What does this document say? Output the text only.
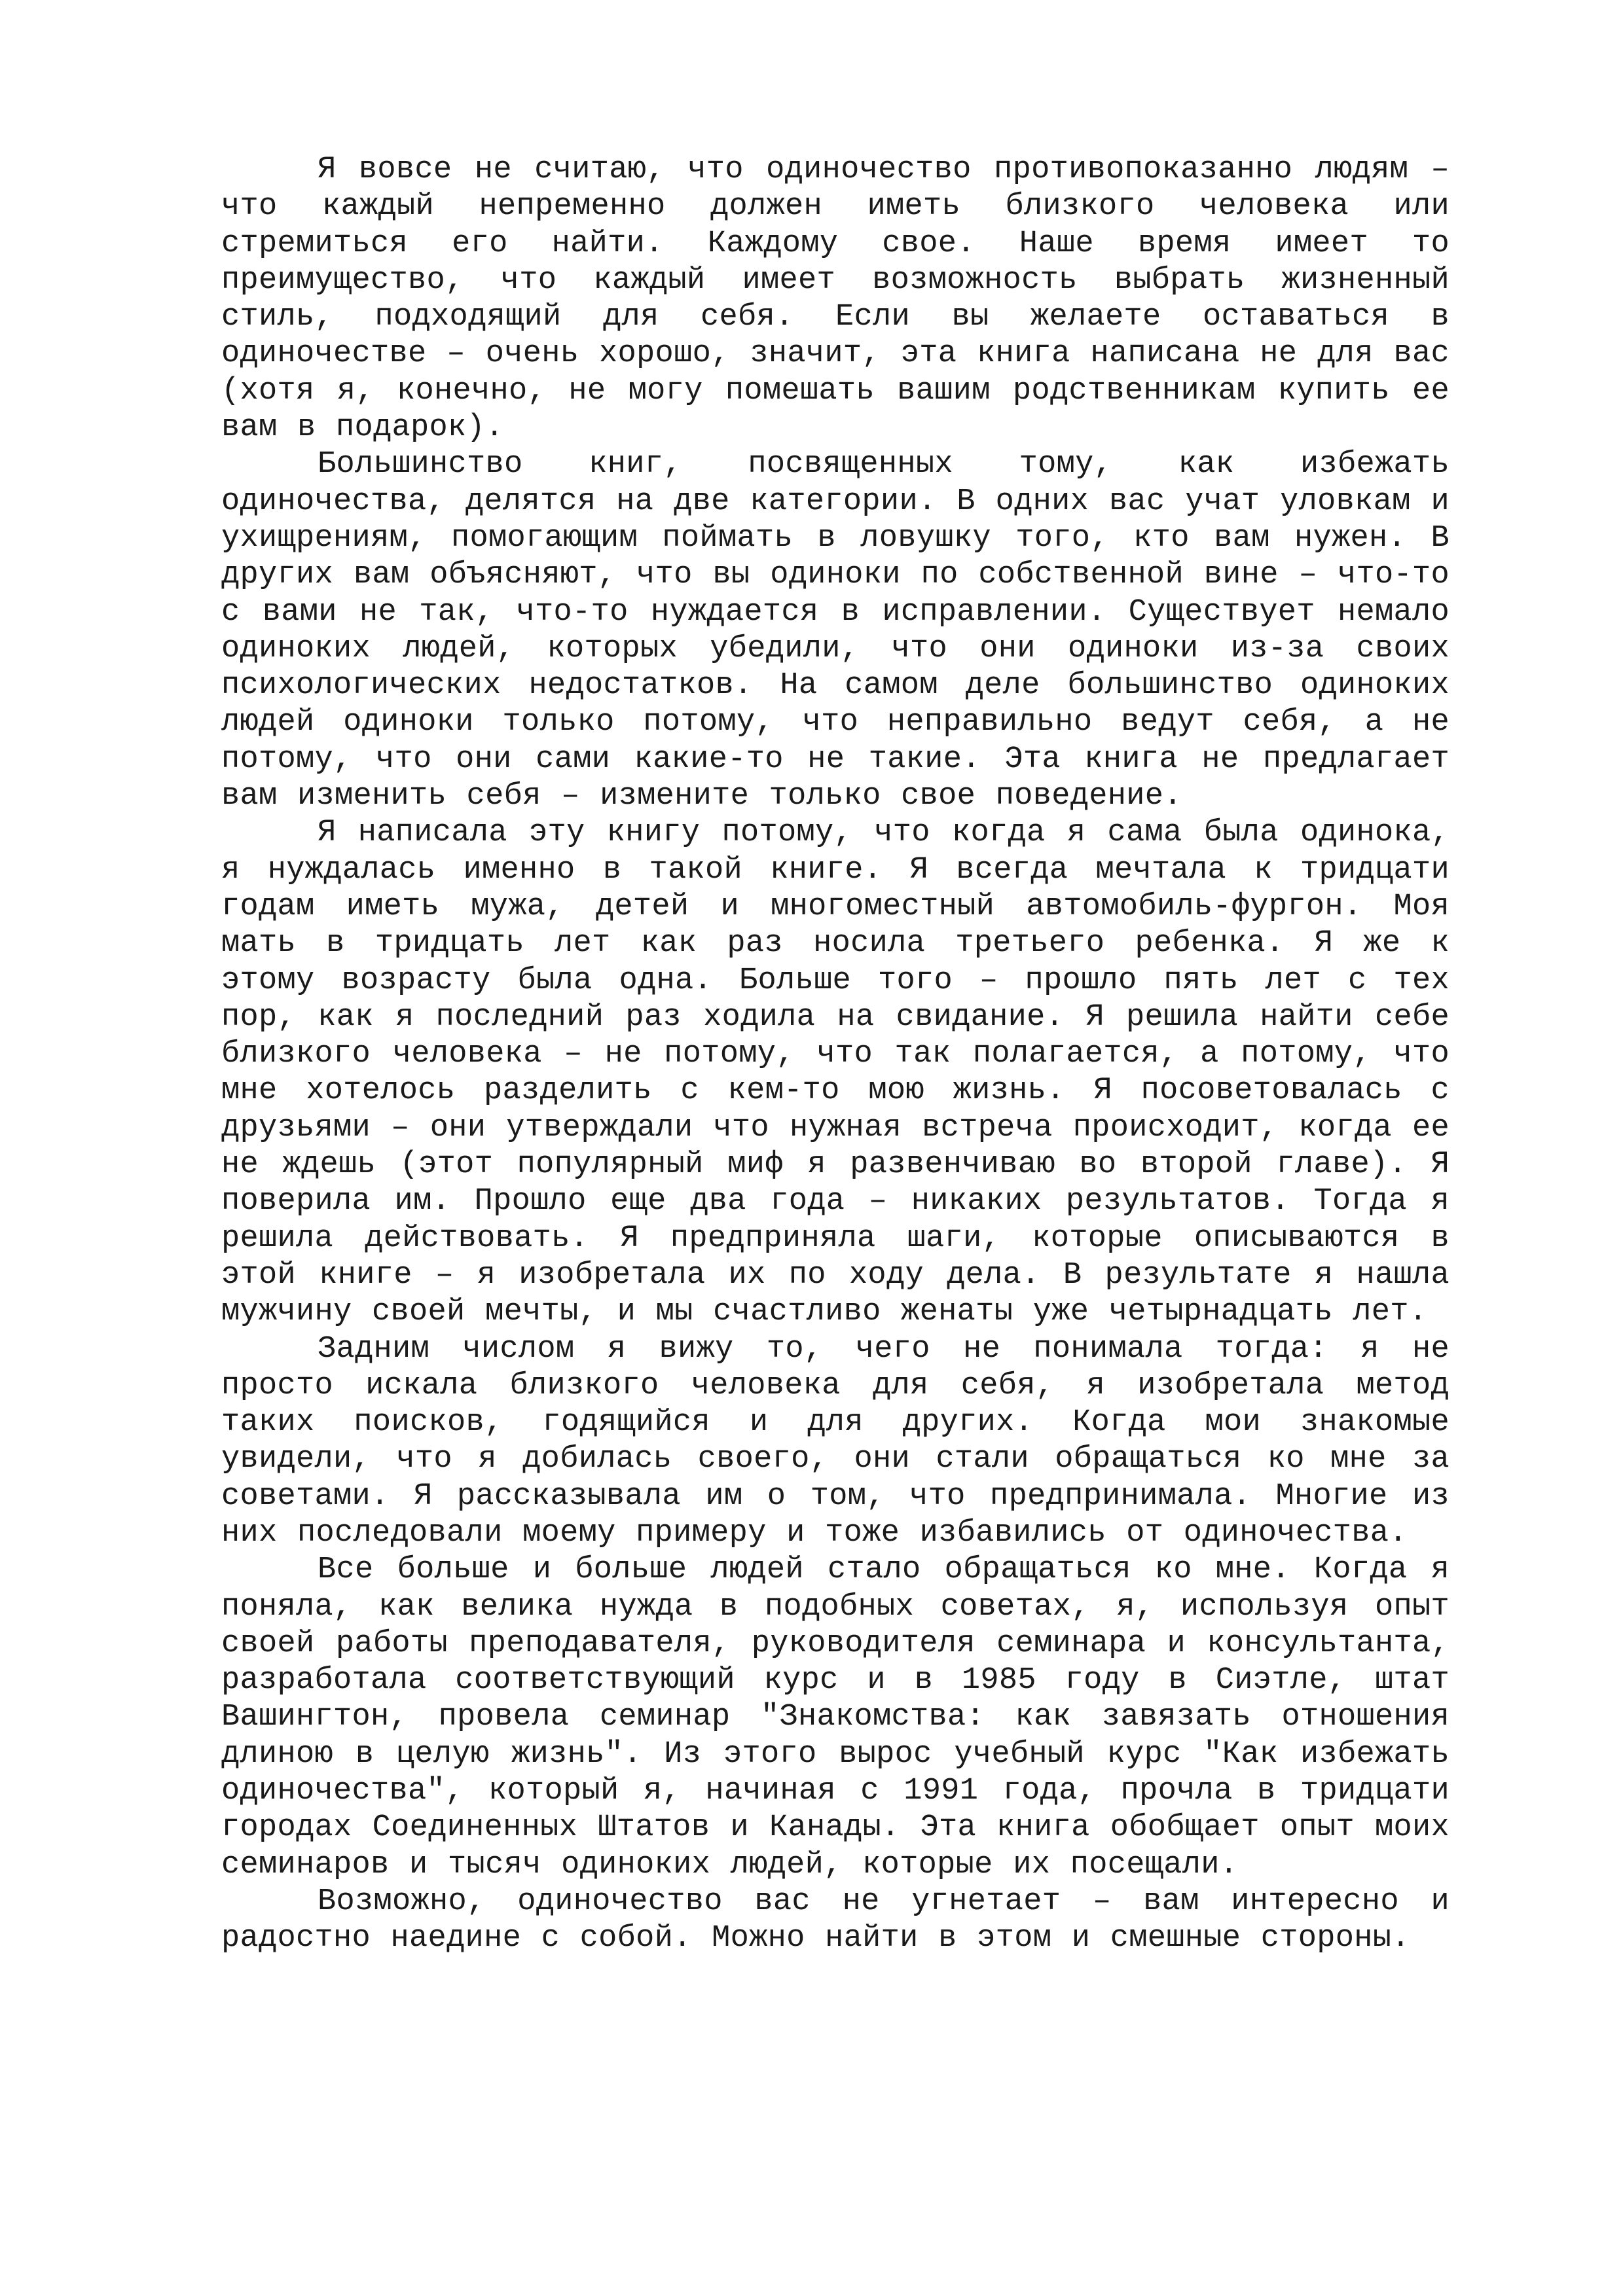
Я вовсе не считаю, что одиночество противопоказанно людям – что каждый непременно должен иметь близкого человека или стремиться его найти. Каждому свое. Наше время имеет то преимущество, что каждый имеет возможность выбрать жизненный стиль, подходящий для себя. Если вы желаете оставаться в одиночестве – очень хорошо, значит, эта книга написана не для вас (хотя я, конечно, не могу помешать вашим родственникам купить ее вам в подарок).

Большинство книг, посвященных тому, как избежать одиночества, делятся на две категории. В одних вас учат уловкам и ухищрениям, помогающим поймать в ловушку того, кто вам нужен. В других вам объясняют, что вы одиноки по собственной вине – что-то с вами не так, что-то нуждается в исправлении. Существует немало одиноких людей, которых убедили, что они одиноки из-за своих психологических недостатков. На самом деле большинство одиноких людей одиноки только потому, что неправильно ведут себя, а не потому, что они сами какие-то не такие. Эта книга не предлагает вам изменить себя – измените только свое поведение.

Я написала эту книгу потому, что когда я сама была одинока, я нуждалась именно в такой книге. Я всегда мечтала к тридцати годам иметь мужа, детей и многоместный автомобиль-фургон. Моя мать в тридцать лет как раз носила третьего ребенка. Я же к этому возрасту была одна. Больше того – прошло пять лет с тех пор, как я последний раз ходила на свидание. Я решила найти себе близкого человека – не потому, что так полагается, а потому, что мне хотелось разделить с кем-то мою жизнь. Я посоветовалась с друзьями – они утверждали что нужная встреча происходит, когда ее не ждешь (этот популярный миф я развенчиваю во второй главе). Я поверила им. Прошло еще два года – никаких результатов. Тогда я решила действовать. Я предприняла шаги, которые описываются в этой книге – я изобретала их по ходу дела. В результате я нашла мужчину своей мечты, и мы счастливо женаты уже четырнадцать лет.

Задним числом я вижу то, чего не понимала тогда: я не просто искала близкого человека для себя, я изобретала метод таких поисков, годящийся и для других. Когда мои знакомые увидели, что я добилась своего, они стали обращаться ко мне за советами. Я рассказывала им о том, что предпринимала. Многие из них последовали моему примеру и тоже избавились от одиночества.

Все больше и больше людей стало обращаться ко мне. Когда я поняла, как велика нужда в подобных советах, я, используя опыт своей работы преподавателя, руководителя семинара и консультанта, разработала соответствующий курс и в 1985 году в Сиэтле, штат Вашингтон, провела семинар "Знакомства: как завязать отношения длиною в целую жизнь". Из этого вырос учебный курс "Как избежать одиночества", который я, начиная с 1991 года, прочла в тридцати городах Соединенных Штатов и Канады. Эта книга обобщает опыт моих семинаров и тысяч одиноких людей, которые их посещали.

Возможно, одиночество вас не угнетает – вам интересно и радостно наедине с собой. Можно найти в этом и смешные стороны.
